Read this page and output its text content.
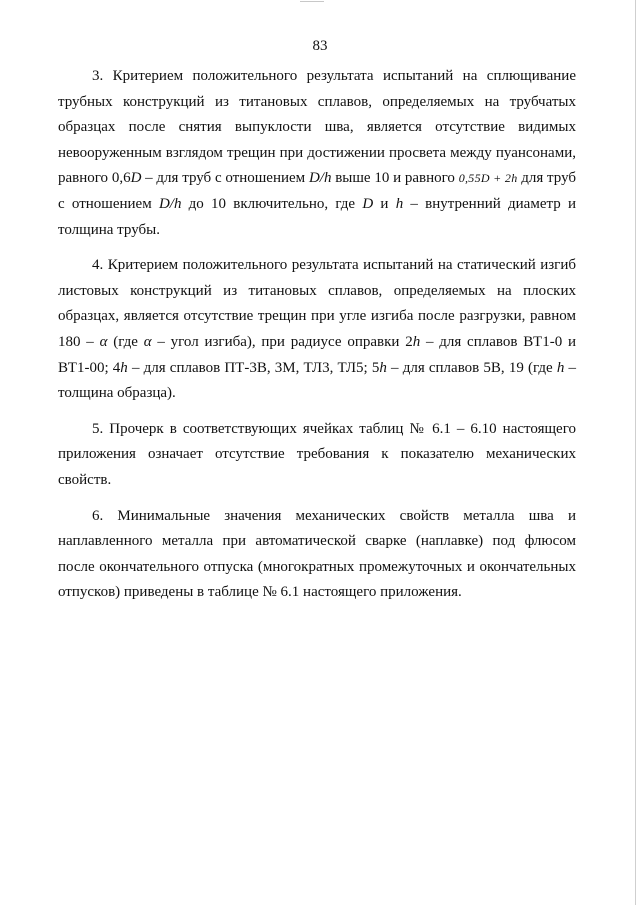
83

3. Критерием положительного результата испытаний на сплющивание трубных конструкций из титановых сплавов, определяемых на трубчатых образцах после снятия выпуклости шва, является отсутствие видимых невооруженным взглядом трещин при достижении просвета между пуансонами, равного 0,6D – для труб с отношением D/h выше 10 и равного 0,55D + 2h для труб с отношением D/h до 10 включительно, где D и h – внутренний диаметр и толщина трубы.

4. Критерием положительного результата испытаний на статический изгиб листовых конструкций из титановых сплавов, определяемых на плоских образцах, является отсутствие трещин при угле изгиба после разгрузки, равном 180 – α (где α – угол изгиба), при радиусе оправки 2h – для сплавов ВТ1-0 и ВТ1-00; 4h – для сплавов ПТ-3В, 3М, ТЛ3, ТЛ5; 5h – для сплавов 5В, 19 (где h – толщина образца).

5. Прочерк в соответствующих ячейках таблиц № 6.1 – 6.10 настоящего приложения означает отсутствие требования к показателю механических свойств.

6. Минимальные значения механических свойств металла шва и наплавленного металла при автоматической сварке (наплавке) под флюсом после окончательного отпуска (многократных промежуточных и окончательных отпусков) приведены в таблице № 6.1 настоящего приложения.
